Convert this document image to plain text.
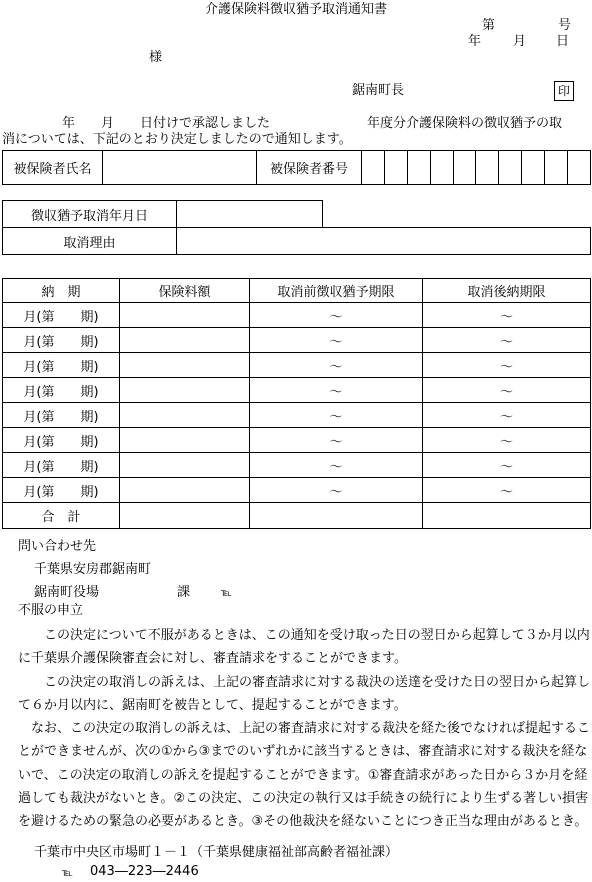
介護保険料徴収猶予取消通知書
第	号
年 月 日
様
鋸南町長	印
年　　月　　日付けで承認しました	年度分介護保険料の徴収猶予の取
消については、下記のとおり決定しましたので通知します。
被保険者氏名		被保険者番号										
徴収猶予取消年月日		
取消理由		
納　期	保険料額	取消前徴収猶予期限	取消後納期限
月(第　　期)		～	～
月(第　　期)		～	～
月(第　　期)		～	～
月(第　　期)		～	～
月(第　　期)		～	～
月(第　　期)		～	～
月(第　　期)		～	～
月(第　　期)		～	～
合　計			
問い合わせ先
千葉県安房郡鋸南町
鋸南町役場	課	℡
不服の申立

この決定について不服があるときは、この通知を受け取った日の翌日から起算して３か月以内に千葉県介護保険審査会に対し、審査請求をすることができます。

この決定の取消しの訴えは、上記の審査請求に対する裁決の送達を受けた日の翌日から起算して６か月以内に、鋸南町を被告として、提起することができます。

なお、この決定の取消しの訴えは、上記の審査請求に対する裁決を経た後でなければ提起することができませんが、次の①から③までのいずれかに該当するときは、審査請求に対する裁決を経ないで、この決定の取消しの訴えを提起することができます。①審査請求があった日から３か月を経過しても裁決がないとき。②この決定、この決定の執行又は手続きの続行により生ずる著しい損害を避けるための緊急の必要があるとき。③その他裁決を経ないことにつき正当な理由があるとき。

千葉市中央区市場町１－１（千葉県健康福祉部高齢者福祉課）
℡ 043―223―2446
